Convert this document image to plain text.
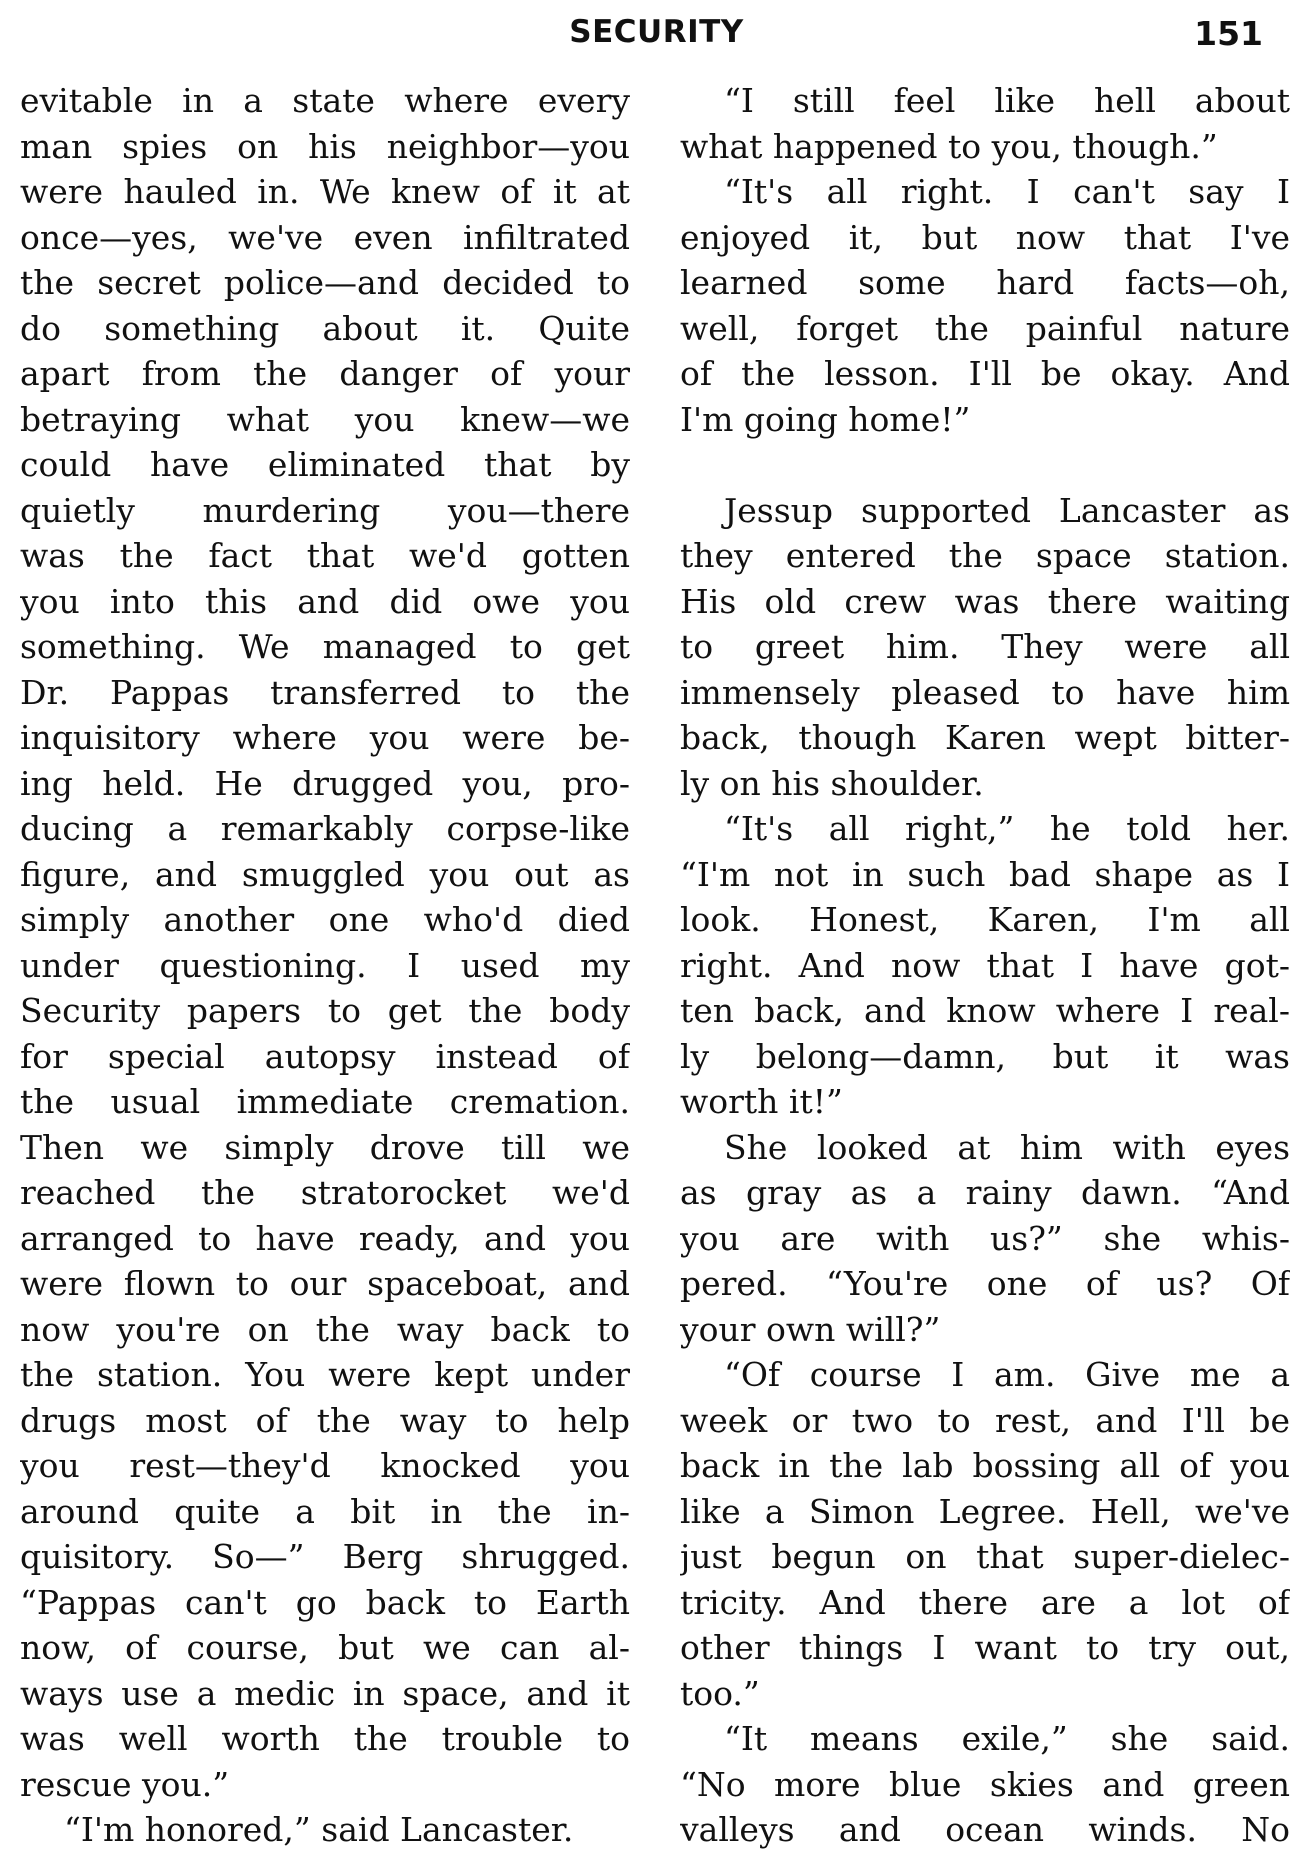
SECURITY	151
evitable in a state where every
man spies on his neighbor—you
were hauled in. We knew of it at
once—yes, we've even infiltrated
the secret police—and decided to
do something about it. Quite
apart from the danger of your
betraying what you knew—we
could have eliminated that by
quietly murdering you—there
was the fact that we'd gotten
you into this and did owe you
something. We managed to get
Dr. Pappas transferred to the
inquisitory where you were be-
ing held. He drugged you, pro-
ducing a remarkably corpse-like
figure, and smuggled you out as
simply another one who'd died
under questioning. I used my
Security papers to get the body
for special autopsy instead of
the usual immediate cremation.
Then we simply drove till we
reached the stratorocket we'd
arranged to have ready, and you
were flown to our spaceboat, and
now you're on the way back to
the station. You were kept under
drugs most of the way to help
you rest—they'd knocked you
around quite a bit in the in-
quisitory. So—” Berg shrugged.
“Pappas can't go back to Earth
now, of course, but we can al-
ways use a medic in space, and it
was well worth the trouble to
rescue you.”
“I'm honored,” said Lancaster.
“I still feel like hell about
what happened to you, though.”
“It's all right. I can't say I
enjoyed it, but now that I've
learned some hard facts—oh,
well, forget the painful nature
of the lesson. I'll be okay. And
I'm going home!”
Jessup supported Lancaster as
they entered the space station.
His old crew was there waiting
to greet him. They were all
immensely pleased to have him
back, though Karen wept bitter-
ly on his shoulder.
“It's all right,” he told her.
“I'm not in such bad shape as I
look. Honest, Karen, I'm all
right. And now that I have got-
ten back, and know where I real-
ly belong—damn, but it was
worth it!”
She looked at him with eyes
as gray as a rainy dawn. “And
you are with us?” she whis-
pered. “You're one of us? Of
your own will?”
“Of course I am. Give me a
week or two to rest, and I'll be
back in the lab bossing all of you
like a Simon Legree. Hell, we've
just begun on that super-dielec-
tricity. And there are a lot of
other things I want to try out,
too.”
“It means exile,” she said.
“No more blue skies and green
valleys and ocean winds. No
